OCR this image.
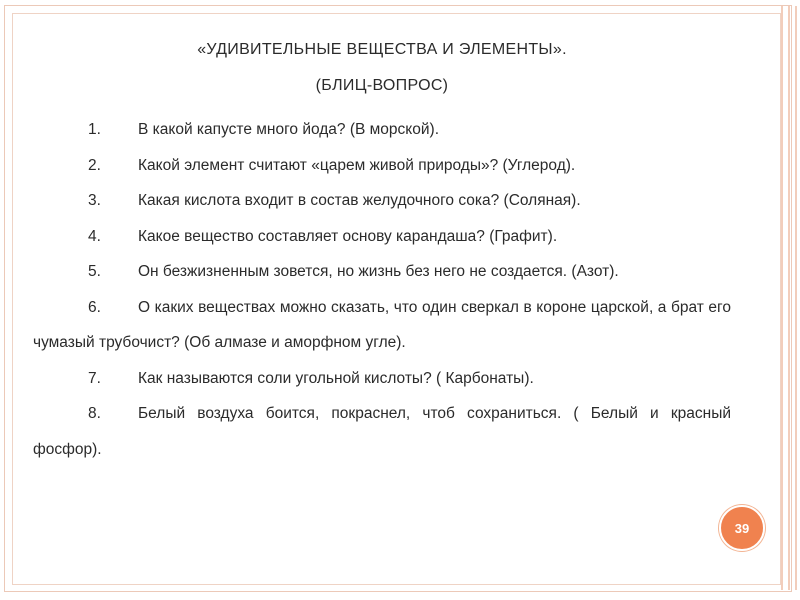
«УДИВИТЕЛЬНЫЕ ВЕЩЕСТВА И ЭЛЕМЕНТЫ».

(БЛИЦ-ВОПРОС)

1. В какой капусте много йода? (В морской).

2. Какой элемент считают «царем живой природы»? (Углерод).

3. Какая кислота входит в состав желудочного сока? (Соляная).

4. Какое вещество составляет основу карандаша? (Графит).

5. Он безжизненным зовется, но жизнь без него не создается. (Азот).

6. О каких веществах можно сказать, что один сверкал в короне царской, а брат его чумазый трубочист? (Об алмазе и аморфном угле).

7. Как называются соли угольной кислоты? ( Карбонаты).

8. Белый воздуха боится, покраснел, чтоб сохраниться. ( Белый и красный фосфор).

39
